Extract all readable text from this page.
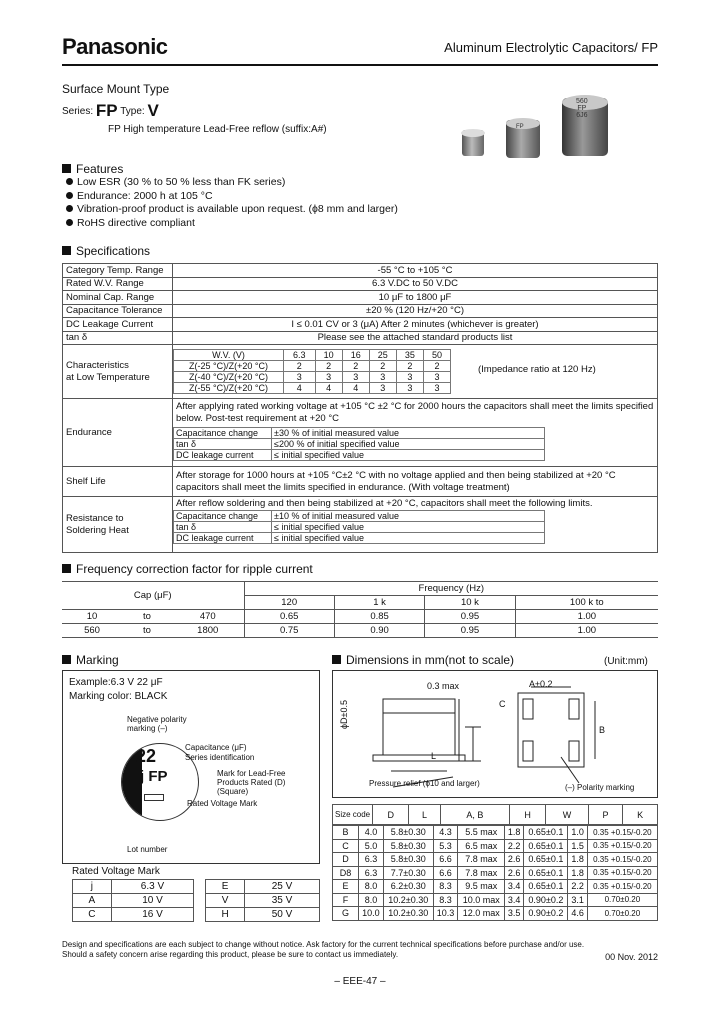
Panasonic	Aluminum Electrolytic Capacitors/ FP
Surface Mount Type
Series: FP Type: V
FP High temperature Lead-Free reflow (suffix:A#)	FP
560
FP
6J6
Features
Low ESR (30 % to 50 % less than FK series)
Endurance: 2000 h at 105 °C
Vibration-proof product is available upon request. (ϕ8 mm and larger)
RoHS directive compliant
Specifications
Category Temp. Range	-55 °C to +105 °C
Rated W.V. Range	6.3 V.DC to 50 V.DC
Nominal Cap. Range	10 μF to 1800 μF
Capacitance Tolerance	±20 % (120 Hz/+20 °C)
DC Leakage Current	I ≤ 0.01 CV or 3 (μA) After 2 minutes (whichever is greater)
tan δ	Please see the attached standard products list

Characteristics
at Low Temperature

W.V. (V)	6.3	10	16	25	35	50
Z(-25 °C)/Z(+20 °C)	2	2	2	2	2	2
Z(-40 °C)/Z(+20 °C)	3	3	3	3	3	3
Z(-55 °C)/Z(+20 °C)	4	4	4	3	3	3
(Impedance ratio at 120 Hz)

Endurance	
After applying rated working voltage at +105 °C ±2 °C for 2000 hours the capacitors shall meet the limits specified below. Post-test requirement at +20 °C
Capacitance change	±30 % of initial measured value
tan δ	≤200 % of initial specified value
DC leakage current	≤ initial specified value

Shelf Life	
After storage for 1000 hours at +105 °C±2 °C with no voltage applied and then being stabilized at +20 °C
capacitors shall meet the limits specified in endurance. (With voltage treatment)

Resistance to
Soldering Heat

After reflow soldering and then being stabilized at +20 °C, capacitors shall meet the following limits.
Capacitance change	±10 % of initial measured value
tan δ	≤ initial specified value
DC leakage current	≤ initial specified value
Frequency correction factor for ripple current
Cap (μF)			Frequency (Hz)			
			120	1 k	10 k	100 k to
10	to	470	0.65	0.85	0.95	1.00
560	to	1800	0.75	0.90	0.95	1.00
Marking
Example:6.3 V 22 μF
Marking color: BLACK
Negative polarity
marking (–)
22
j FP
Capacitance (μF)
Series identification
Mark for Lead-Free
Products Rated (D)
(Square)
Rated Voltage Mark
Lot number
Rated Voltage Mark
j	6.3 V		E	25 V
A	10 V		V	35 V
C	16 V		H	50 V
Dimensions in mm(not to scale)	(Unit:mm)
0.3 max	A±0.2
ϕD±0.5	C
L
B
Pressure relief (ϕ10 and larger)	(–) Polarity marking
Size code	D	L	A, B	H	W	P	K
B	4.0	5.8±0.30	4.3	5.5 max	1.8	0.65±0.1	1.0	0.35 +0.15/-0.20
C	5.0	5.8±0.30	5.3	6.5 max	2.2	0.65±0.1	1.5	0.35 +0.15/-0.20
D	6.3	5.8±0.30	6.6	7.8 max	2.6	0.65±0.1	1.8	0.35 +0.15/-0.20
D8	6.3	7.7±0.30	6.6	7.8 max	2.6	0.65±0.1	1.8	0.35 +0.15/-0.20
E	8.0	6.2±0.30	8.3	9.5 max	3.4	0.65±0.1	2.2	0.35 +0.15/-0.20
F	8.0	10.2±0.30	8.3	10.0 max	3.4	0.90±0.2	3.1	0.70±0.20
G	10.0	10.2±0.30	10.3	12.0 max	3.5	0.90±0.2	4.6	0.70±0.20
Design and specifications are each subject to change without notice. Ask factory for the current technical specifications before purchase and/or use.
Should a safety concern arise regarding this product, please be sure to contact us immediately.	00 Nov. 2012
– EEE-47 –
